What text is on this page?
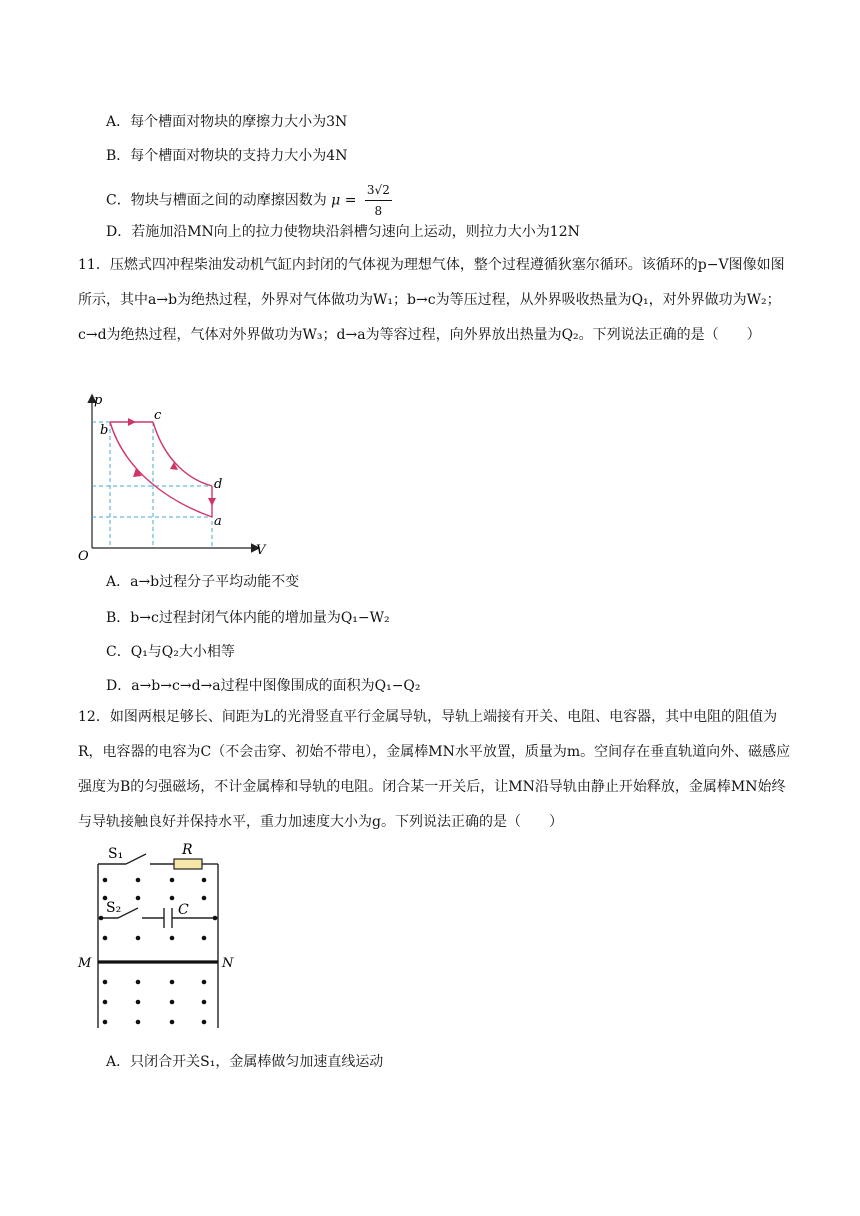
A．每个槽面对物块的摩擦力大小为3N
B．每个槽面对物块的支持力大小为4N
C．物块与槽面之间的动摩擦因数为 $\mu = \frac{3√2}{8}$
D．若施加沿MN向上的拉力使物块沿斜槽匀速向上运动，则拉力大小为12N
11．压燃式四冲程柴油发动机气缸内封闭的气体视为理想气体，整个过程遵循狄塞尔循环。该循环的p−V图像如图所示，其中a→b为绝热过程，外界对气体做功为W₁；b→c为等压过程，从外界吸收热量为Q₁，对外界做功为W₂；c→d为绝热过程，气体对外界做功为W₃；d→a为等容过程，向外界放出热量为Q₂。下列说法正确的是（　　）
p
V
O
a
b
c
d
A．a→b过程分子平均动能不变
B．b→c过程封闭气体内能的增加量为Q₁−W₂
C．Q₁与Q₂大小相等
D．a→b→c→d→a过程中图像围成的面积为Q₁−Q₂
12．如图两根足够长、间距为L的光滑竖直平行金属导轨，导轨上端接有开关、电阻、电容器，其中电阻的阻值为R，电容器的电容为C（不会击穿、初始不带电），金属棒MN水平放置，质量为m。空间存在垂直轨道向外、磁感应强度为B的匀强磁场，不计金属棒和导轨的电阻。闭合某一开关后，让MN沿导轨由静止开始释放，金属棒MN始终与导轨接触良好并保持水平，重力加速度大小为g。下列说法正确的是（　　）
S₁	R
S₂	C
M	N
A．只闭合开关S₁，金属棒做匀加速直线运动
